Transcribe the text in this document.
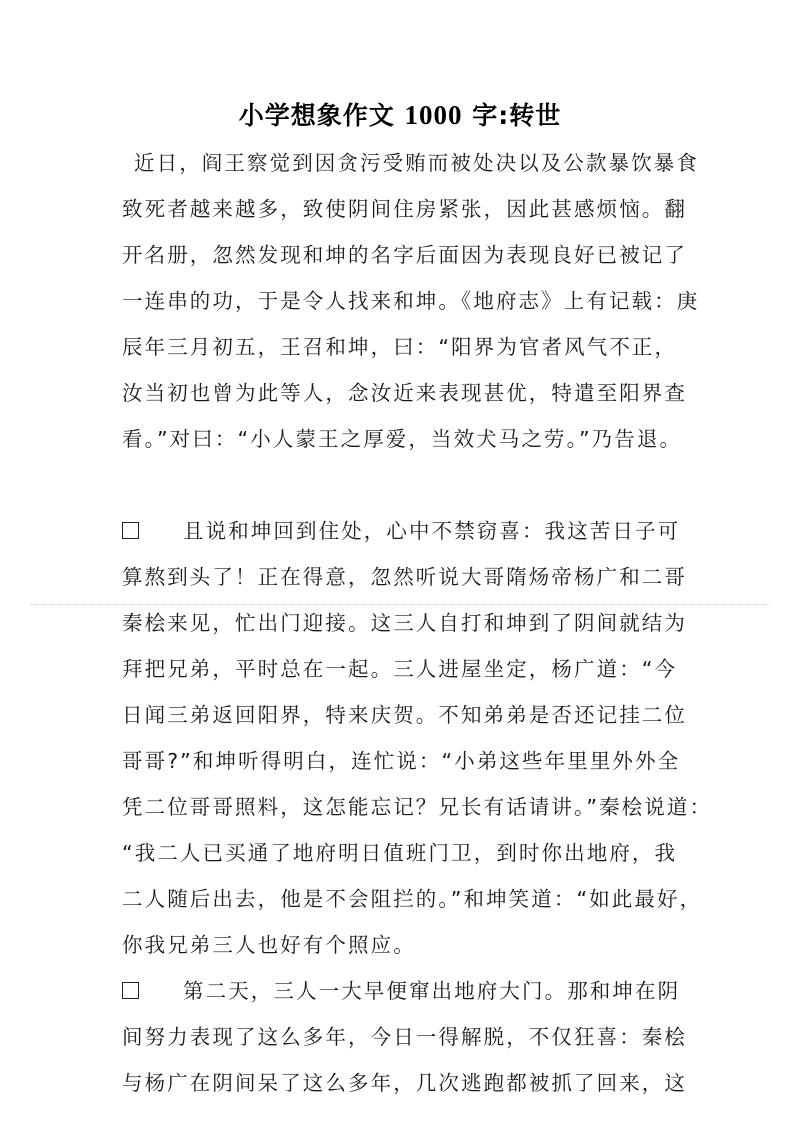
小学想象作文 1000 字:转世
近日，阎王察觉到因贪污受贿而被处决以及公款暴饮暴食
致死者越来越多，致使阴间住房紧张，因此甚感烦恼。翻
开名册，忽然发现和坤的名字后面因为表现良好已被记了
一连串的功，于是令人找来和坤。《地府志》上有记载：庚
辰年三月初五，王召和坤，曰：“阳界为官者风气不正，
汝当初也曾为此等人，念汝近来表现甚优，特遣至阳界查
看。”对曰：“小人蒙王之厚爱，当效犬马之劳。”乃告退。
且说和坤回到住处，心中不禁窃喜：我这苦日子可
算熬到头了！正在得意，忽然听说大哥隋炀帝杨广和二哥
秦桧来见，忙出门迎接。这三人自打和坤到了阴间就结为
拜把兄弟，平时总在一起。三人进屋坐定，杨广道：“今
日闻三弟返回阳界，特来庆贺。不知弟弟是否还记挂二位
哥哥?”和坤听得明白，连忙说：“小弟这些年里里外外全
凭二位哥哥照料，这怎能忘记？兄长有话请讲。”秦桧说道：
“我二人已买通了地府明日值班门卫，到时你出地府，我
二人随后出去，他是不会阻拦的。”和坤笑道：“如此最好，
你我兄弟三人也好有个照应。
第二天，三人一大早便窜出地府大门。那和坤在阴
间努力表现了这么多年，今日一得解脱，不仅狂喜：秦桧
与杨广在阴间呆了这么多年，几次逃跑都被抓了回来，这
